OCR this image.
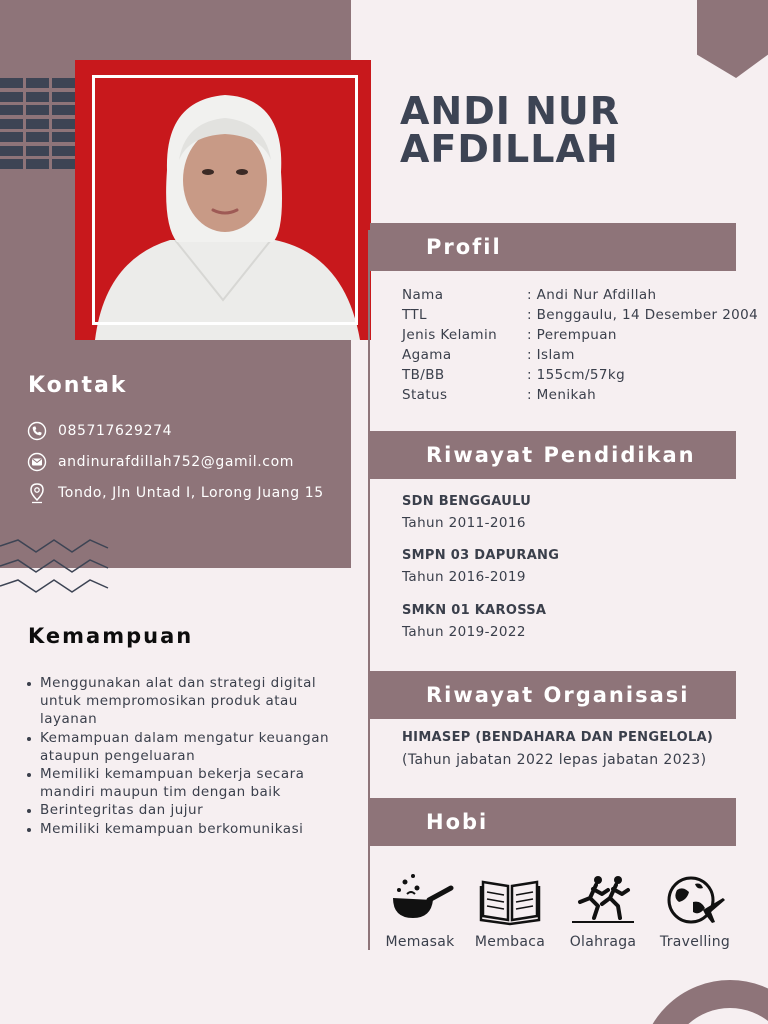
Kontak
085717629274
andinurafdillah752@gamil.com
Tondo, Jln Untad I, Lorong Juang 15
Kemampuan
Menggunakan alat dan strategi digital untuk mempromosikan produk atau layanan
Kemampuan dalam mengatur keuangan ataupun pengeluaran
Memiliki kemampuan bekerja secara mandiri maupun tim dengan baik
Berintegritas dan jujur
Memiliki kemampuan berkomunikasi
ANDI NUR
AFDILLAH
Profil
Nama	: Andi Nur Afdillah
TTL	: Benggaulu, 14 Desember 2004
Jenis Kelamin	: Perempuan
Agama	: Islam
TB/BB	: 155cm/57kg
Status	: Menikah
Riwayat Pendidikan
SDN BENGGAULU
Tahun 2011-2016
SMPN 03 DAPURANG
Tahun 2016-2019
SMKN 01 KAROSSA
Tahun 2019-2022
Riwayat Organisasi
HIMASEP (BENDAHARA DAN PENGELOLA)
(Tahun jabatan 2022 lepas jabatan 2023)
Hobi
Memasak	Membaca	Olahraga	Travelling
